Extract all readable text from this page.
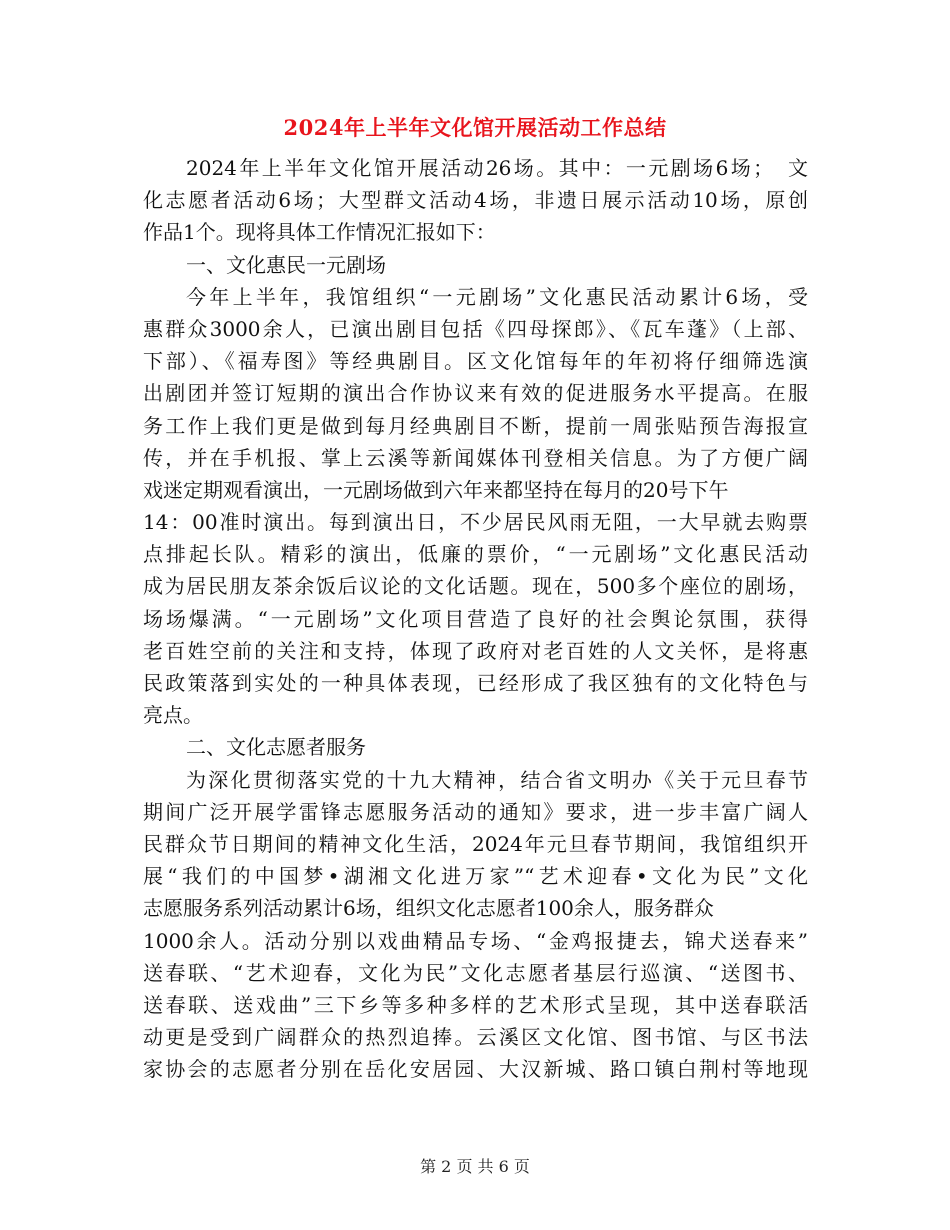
2024年上半年文化馆开展活动工作总结
2024年上半年文化馆开展活动26场。其中：一元剧场6场；　文
化志愿者活动6场；大型群文活动4场，非遗日展示活动10场，原创
作品1个。现将具体工作情况汇报如下：
一、文化惠民一元剧场
今年上半年，我馆组织“一元剧场”文化惠民活动累计6场，受
惠群众3000余人，已演出剧目包括《四母探郎》、《瓦车蓬》（上部、
下部）、《福寿图》等经典剧目。区文化馆每年的年初将仔细筛选演
出剧团并签订短期的演出合作协议来有效的促进服务水平提高。在服
务工作上我们更是做到每月经典剧目不断，提前一周张贴预告海报宣
传，并在手机报、掌上云溪等新闻媒体刊登相关信息。为了方便广阔
戏迷定期观看演出，一元剧场做到六年来都坚持在每月的20号下午
14：00准时演出。每到演出日，不少居民风雨无阻，一大早就去购票
点排起长队。精彩的演出，低廉的票价，“一元剧场”文化惠民活动
成为居民朋友茶余饭后议论的文化话题。现在，500多个座位的剧场，
场场爆满。“一元剧场”文化项目营造了良好的社会舆论氛围，获得
老百姓空前的关注和支持，体现了政府对老百姓的人文关怀，是将惠
民政策落到实处的一种具体表现，已经形成了我区独有的文化特色与
亮点。
二、文化志愿者服务
为深化贯彻落实党的十九大精神，结合省文明办《关于元旦春节
期间广泛开展学雷锋志愿服务活动的通知》要求，进一步丰富广阔人
民群众节日期间的精神文化生活，2024年元旦春节期间，我馆组织开
展“我们的中国梦•湖湘文化进万家”“艺术迎春•文化为民”文化
志愿服务系列活动累计6场，组织文化志愿者100余人，服务群众
1000余人。活动分别以戏曲精品专场、“金鸡报捷去，锦犬送春来”
送春联、“艺术迎春，文化为民”文化志愿者基层行巡演、“送图书、
送春联、送戏曲”三下乡等多种多样的艺术形式呈现，其中送春联活
动更是受到广阔群众的热烈追捧。云溪区文化馆、图书馆、与区书法
家协会的志愿者分别在岳化安居园、大汉新城、路口镇白荆村等地现
第 2 页 共 6 页
